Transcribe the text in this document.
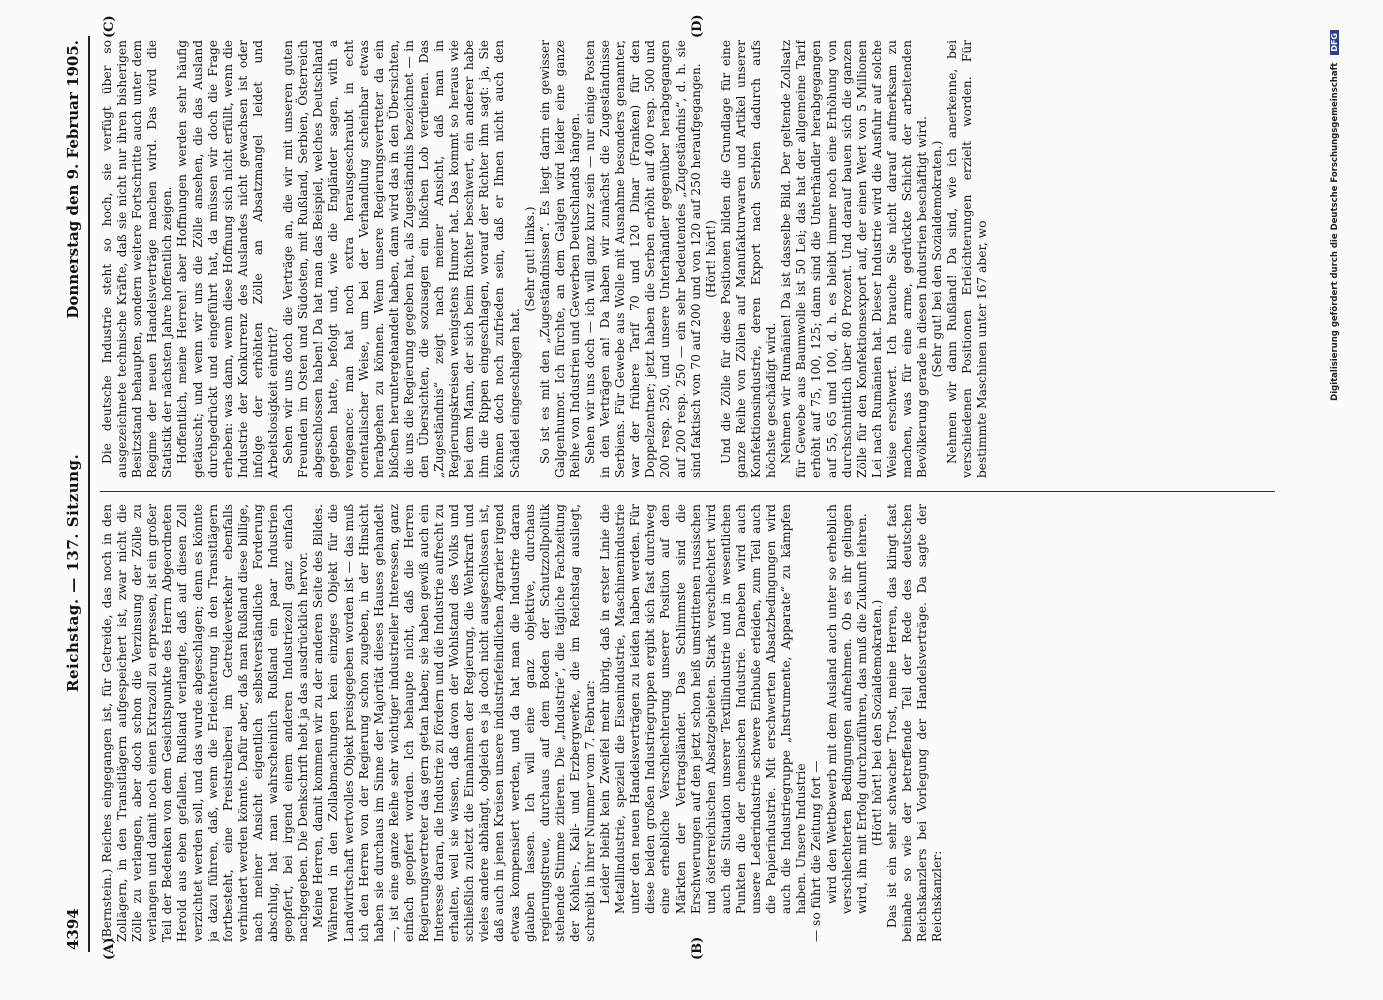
4394
Reichstag. — 137. Sitzung.
Donnerstag den 9. Februar 1905.
(A)	(B)
(C)	(D)

(Bernstein.) Reiches eingegangen ist, für Getreide, das noch in den Zollägern, in den Transitlägern aufgespeichert ist, zwar nicht die Zölle zu verlangen, aber doch schon die Verzinsung der Zölle zu verlangen und damit noch einen Extrazoll zu erpressen, ist ein großer Teil der Bedenken von dem Gesichtspunkte des Herrn Abgeordneten Herold aus eben gefallen. Rußland verlangte, daß auf diesen Zoll verzichtet werden soll, und das wurde abgeschlagen; denn es könnte ja dazu führen, daß, wenn die Erleichterung in den Transitlägern fortbesteht, eine Preistreiberei im Getreideverkehr ebenfalls verhindert werden könnte. Dafür aber, daß man Rußland diese billige, nach meiner Ansicht eigentlich selbstverständliche Forderung abschlug, hat man wahrscheinlich Rußland ein paar Industrien geopfert, bei irgend einem anderen Industriezoll ganz einfach nachgegeben. Die Denkschrift hebt ja das ausdrücklich hervor. Meine Herren, damit kommen wir zu der anderen Seite des Bildes. Während in den Zollabmachungen kein einziges Objekt für die Landwirtschaft wertvolles Objekt preisgegeben worden ist — das muß ich den Herren von der Regierung schon zugeben, in der Hinsicht haben sie durchaus im Sinne der Majorität dieses Hauses gehandelt —, ist eine ganze Reihe sehr wichtiger industrieller Interessen, ganz einfach geopfert worden. Ich behaupte nicht, daß die Herren Regierungsvertreter das gern getan haben; sie haben gewiß auch ein Interesse daran, die Industrie zu fördern und die Industrie aufrecht zu erhalten, weil sie wissen, daß davon der Wohlstand des Volks und schließlich zuletzt die Einnahmen der Regierung, die Wehrkraft und vieles andere abhängt, obgleich es ja doch nicht ausgeschlossen ist, daß auch in jenen Kreisen unsere industriefeindlichen Agrarier irgend etwas kompensiert werden, und da hat man die Industrie daran glauben lassen. Ich will eine ganz objektive, durchaus regierungstreue, durchaus auf dem Boden der Schutzzollpolitik stehende Stimme zitieren. Die „Industrie“, die tägliche Fachzeitung der Kohlen-, Kali- und Erzbergwerke, die im Reichstag ausliegt, schreibt in ihrer Nummer vom 7. Februar: Leider bleibt kein Zweifel mehr übrig, daß in erster Linie die Metallindustrie, speziell die Eisenindustrie, Maschinenindustrie unter den neuen Handelsverträgen zu leiden haben werden. Für diese beiden großen Industriegruppen ergibt sich fast durchweg eine erhebliche Verschlechterung unserer Position auf den Märkten der Vertragsländer. Das Schlimmste sind die Erschwerungen auf den jetzt schon heiß umstrittenen russischen und österreichischen Absatzgebieten. Stark verschlechtert wird auch die Situation unserer Textilindustrie und in wesentlichen Punkten die der chemischen Industrie. Daneben wird auch unsere Lederindustrie schwere Einbuße erleiden, zum Teil auch die Papierindustrie. Mit erschwerten Absatzbedingungen wird auch die Industriegruppe „Instrumente, Apparate“ zu kämpfen haben. Unsere Industrie — so führt die Zeitung fort — wird den Wettbewerb mit dem Ausland auch unter so erheblich verschlechterten Bedingungen aufnehmen. Ob es ihr gelingen wird, ihn mit Erfolg durchzuführen, das muß die Zukunft lehren. (Hört! hört! bei den Sozialdemokraten.) Das ist ein sehr schwacher Trost, meine Herren, das klingt fast beinahe so wie der betreffende Teil der Rede des deutschen Reichskanzlers bei Vorlegung der Handelsverträge. Da sagte der Reichskanzler:

Die deutsche Industrie steht so hoch, sie verfügt über so ausgezeichnete technische Kräfte, daß sie nicht nur ihren bisherigen Besitzstand behaupten, sondern weitere Fortschritte auch unter dem Regime der neuen Handelsverträge machen wird. Das wird die Statistik der nächsten Jahre hoffentlich zeigen. Hoffentlich, meine Herren! aber Hoffnungen werden sehr häufig getäuscht; und wenn wir uns die Zölle ansehen, die das Ausland durchgedrückt und eingeführt hat, da müssen wir doch die Frage erheben: was dann, wenn diese Hoffnung sich nicht erfüllt, wenn die Industrie der Konkurrenz des Auslandes nicht gewachsen ist oder infolge der erhöhten Zölle an Absatzmangel leidet und Arbeitslosigkeit eintritt? Sehen wir uns doch die Verträge an, die wir mit unseren guten Freunden im Osten und Südosten, mit Rußland, Serbien, Österreich abgeschlossen haben! Da hat man das Beispiel, welches Deutschland gegeben hatte, befolgt und, wie die Engländer sagen, with a vengeance: man hat noch extra herausgeschraubt in echt orientalischer Weise, um bei der Verhandlung scheinbar etwas herabgehen zu können. Wenn unsere Regierungsvertreter da ein bißchen heruntergehandelt haben, dann wird das in den Übersichten, die uns die Regierung gegeben hat, als Zugeständnis bezeichnet — in den Übersichten, die sozusagen ein bißchen Lob verdienen. Das „Zugeständnis“ zeigt nach meiner Ansicht, daß man in Regierungskreisen wenigstens Humor hat. Das kommt so heraus wie bei dem Mann, der sich beim Richter beschwert, ein anderer habe ihm die Rippen eingeschlagen, worauf der Richter ihm sagt: ja, Sie können doch noch zufrieden sein, daß er Ihnen nicht auch den Schädel eingeschlagen hat.

(Sehr gut! links.) So ist es mit den „Zugeständnissen“. Es liegt darin ein gewisser Galgenhumor. Ich fürchte, an dem Galgen wird leider eine ganze Reihe von Industrien und Gewerben Deutschlands hängen. Sehen wir uns doch — ich will ganz kurz sein — nur einige Posten in den Verträgen an! Da haben wir zunächst die Zugeständnisse Serbiens. Für Gewebe aus Wolle mit Ausnahme besonders genannter, war der frühere Tarif 70 und 120 Dinar (Franken) für den Doppelzentner; jetzt haben die Serben erhöht auf 400 resp. 500 und 200 resp. 250, und unsere Unterhändler gegenüber herabgegangen auf 200 resp. 250 — ein sehr bedeutendes „Zugeständnis“, d. h. sie sind faktisch von 70 auf 200 und von 120 auf 250 heraufgegangen. (Hört! hört!) Und die Zölle für diese Positionen bilden die Grundlage für eine ganze Reihe von Zöllen auf Manufakturwaren und Artikel unserer Konfektionsindustrie, deren Export nach Serbien dadurch aufs höchste geschädigt wird. Nehmen wir Rumänien! Da ist dasselbe Bild. Der geltende Zollsatz für Gewebe aus Baumwolle ist 50 Lei; das hat der allgemeine Tarif erhöht auf 75, 100, 125; dann sind die Unterhändler herabgegangen auf 55, 65 und 100, d. h. es bleibt immer noch eine Erhöhung von durchschnittlich über 80 Prozent. Und darauf bauen sich die ganzen Zölle für den Konfektionsexport auf, der einen Wert von 5 Millionen Lei nach Rumänien hat. Dieser Industrie wird die Ausfuhr auf solche Weise erschwert. Ich brauche Sie nicht darauf aufmerksam zu machen, was für eine arme, gedrückte Schicht der arbeitenden Bevölkerung gerade in diesen Industrien beschäftigt wird. (Sehr gut! bei den Sozialdemokraten.) Nehmen wir dann Rußland! Da sind, wie ich anerkenne, bei verschiedenen Positionen Erleichterungen erzielt worden. Für bestimmte Maschinen unter 167 aber, wo	Digitalisierung gefördert durch die Deutsche Forschungsgemeinschaft DFG
